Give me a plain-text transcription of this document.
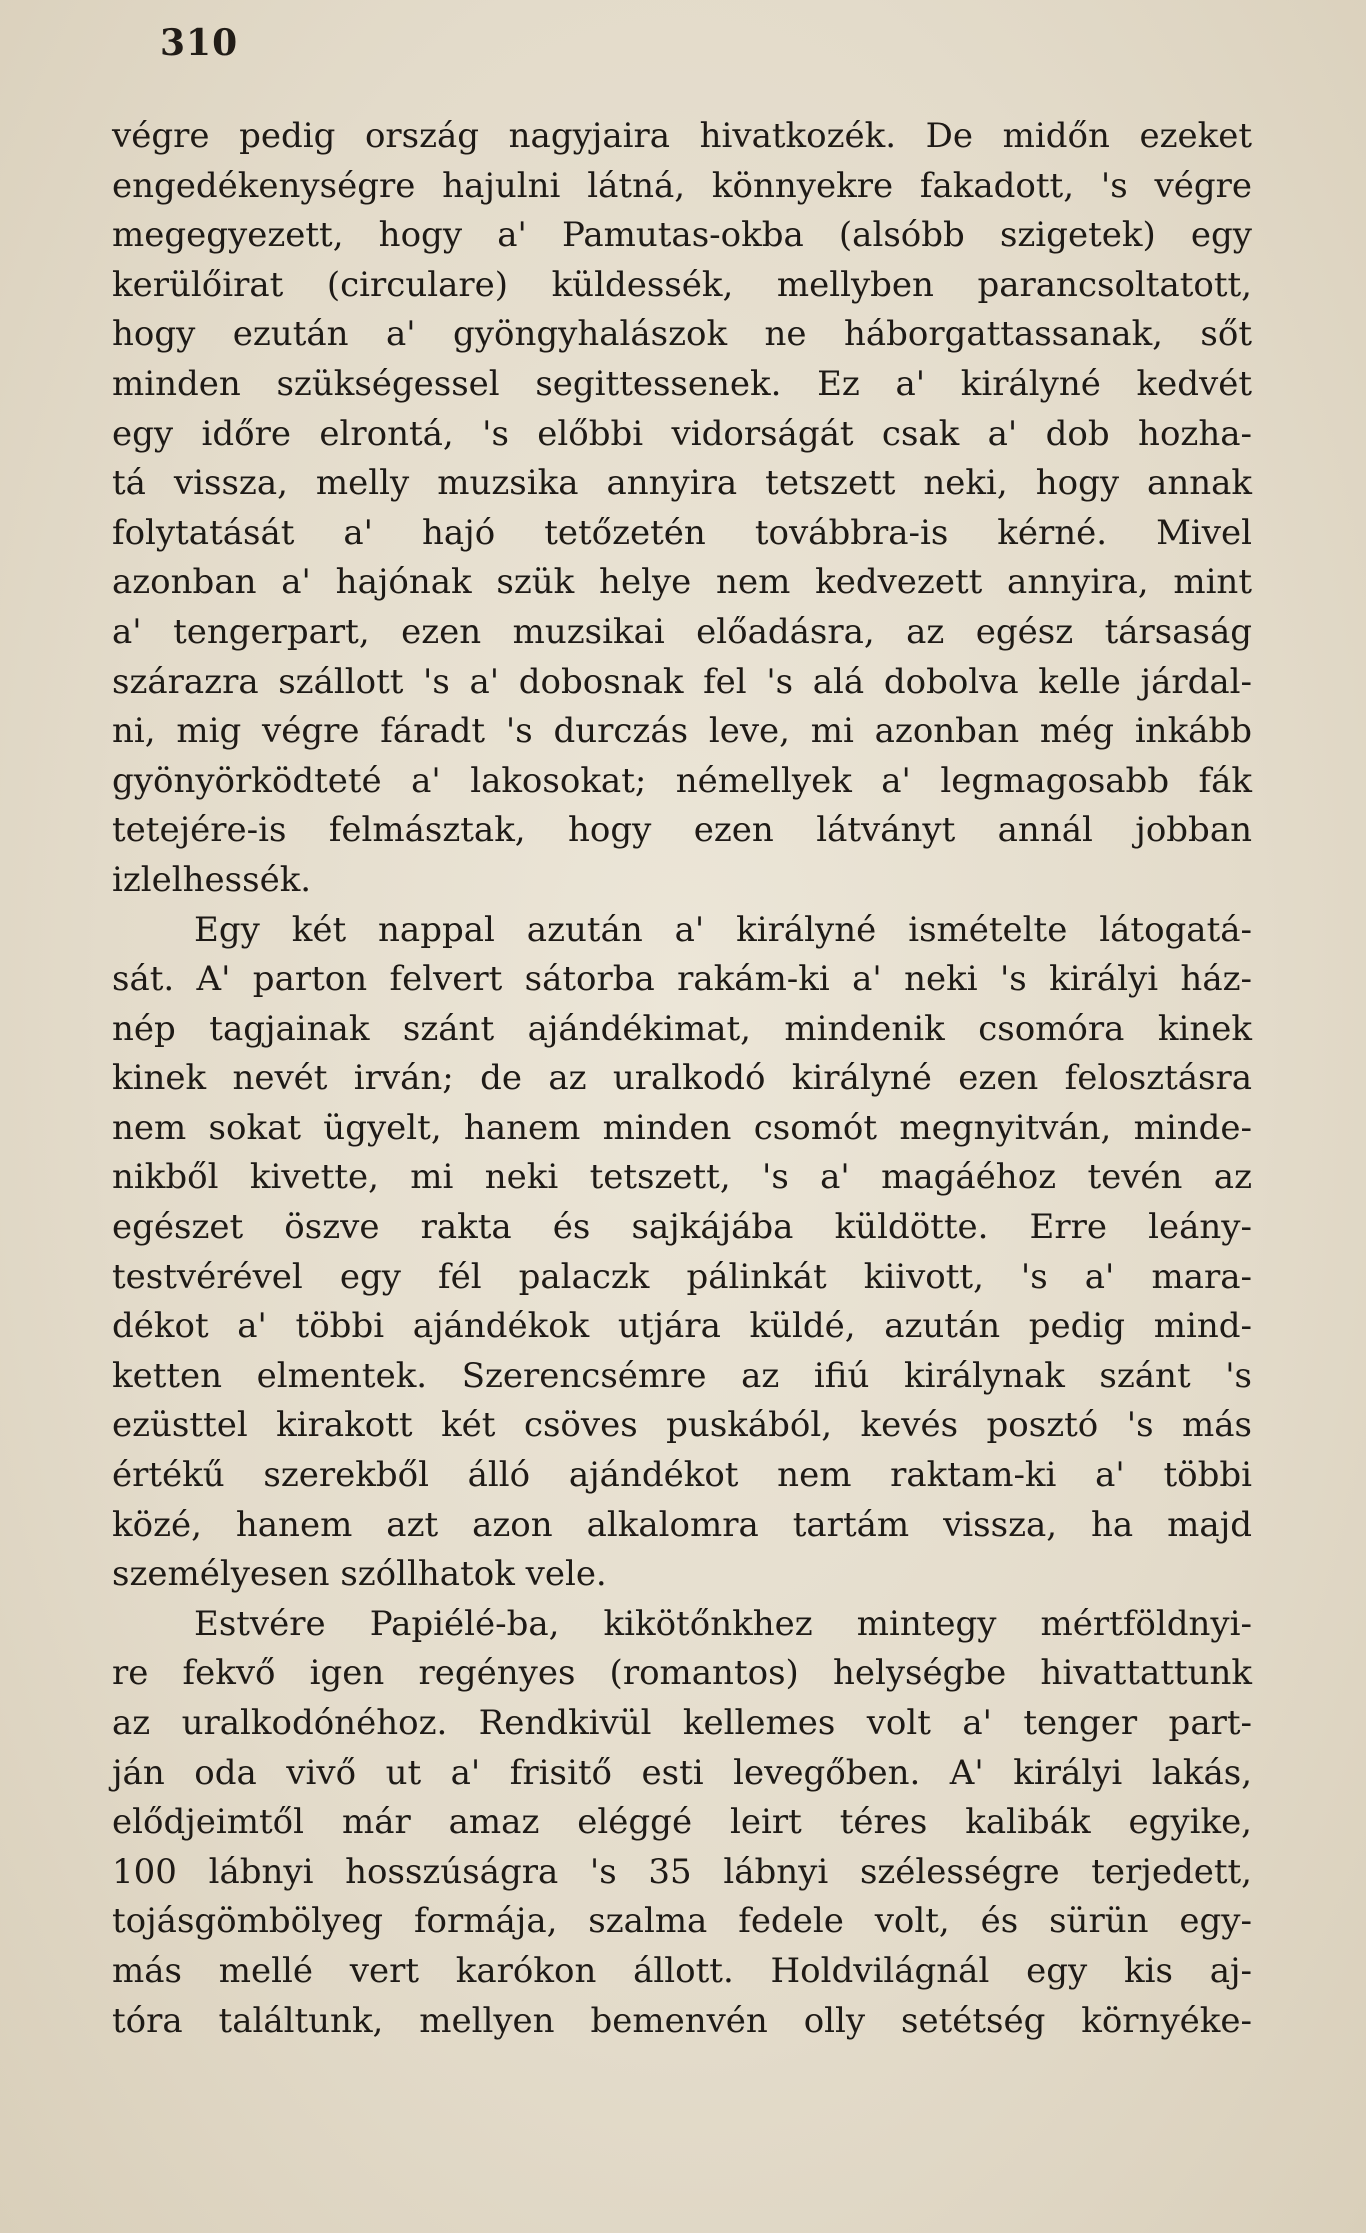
310
végre pedig ország nagyjaira hivatkozék. De midőn ezeket
engedékenységre hajulni látná, könnyekre fakadott, 's végre
megegyezett, hogy a' Pamutas-okba (alsóbb szigetek) egy
kerülőirat (circulare) küldessék, mellyben parancsoltatott,
hogy ezután a' gyöngyhalászok ne háborgattassanak, sőt
minden szükségessel segittessenek. Ez a' királyné kedvét
egy időre elrontá, 's előbbi vidorságát csak a' dob hozha-
tá vissza, melly muzsika annyira tetszett neki, hogy annak
folytatását a' hajó tetőzetén továbbra-is kérné. Mivel
azonban a' hajónak szük helye nem kedvezett annyira, mint
a' tengerpart, ezen muzsikai előadásra, az egész társaság
szárazra szállott 's a' dobosnak fel 's alá dobolva kelle járdal-
ni, mig végre fáradt 's durczás leve, mi azonban még inkább
gyönyörködteté a' lakosokat; némellyek a' legmagosabb fák
tetejére-is felmásztak, hogy ezen látványt annál jobban
izlelhessék.
Egy két nappal azután a' királyné ismételte látogatá-
sát. A' parton felvert sátorba rakám-ki a' neki 's királyi ház-
nép tagjainak szánt ajándékimat, mindenik csomóra kinek
kinek nevét irván; de az uralkodó királyné ezen felosztásra
nem sokat ügyelt, hanem minden csomót megnyitván, minde-
nikből kivette, mi neki tetszett, 's a' magáéhoz tevén az
egészet öszve rakta és sajkájába küldötte. Erre leány-
testvérével egy fél palaczk pálinkát kiivott, 's a' mara-
dékot a' többi ajándékok utjára küldé, azután pedig mind-
ketten elmentek. Szerencsémre az ifiú királynak szánt 's
ezüsttel kirakott két csöves puskából, kevés posztó 's más
értékű szerekből álló ajándékot nem raktam-ki a' többi
közé, hanem azt azon alkalomra tartám vissza, ha majd
személyesen szóllhatok vele.
Estvére Papiélé-ba, kikötőnkhez mintegy mértföldnyi-
re fekvő igen regényes (romantos) helységbe hivattattunk
az uralkodónéhoz. Rendkivül kellemes volt a' tenger part-
ján oda vivő ut a' frisitő esti levegőben. A' királyi lakás,
elődjeimtől már amaz eléggé leirt téres kalibák egyike,
100 lábnyi hosszúságra 's 35 lábnyi szélességre terjedett,
tojásgömbölyeg formája, szalma fedele volt, és sürün egy-
más mellé vert karókon állott. Holdvilágnál egy kis aj-
tóra találtunk, mellyen bemenvén olly setétség környéke-
